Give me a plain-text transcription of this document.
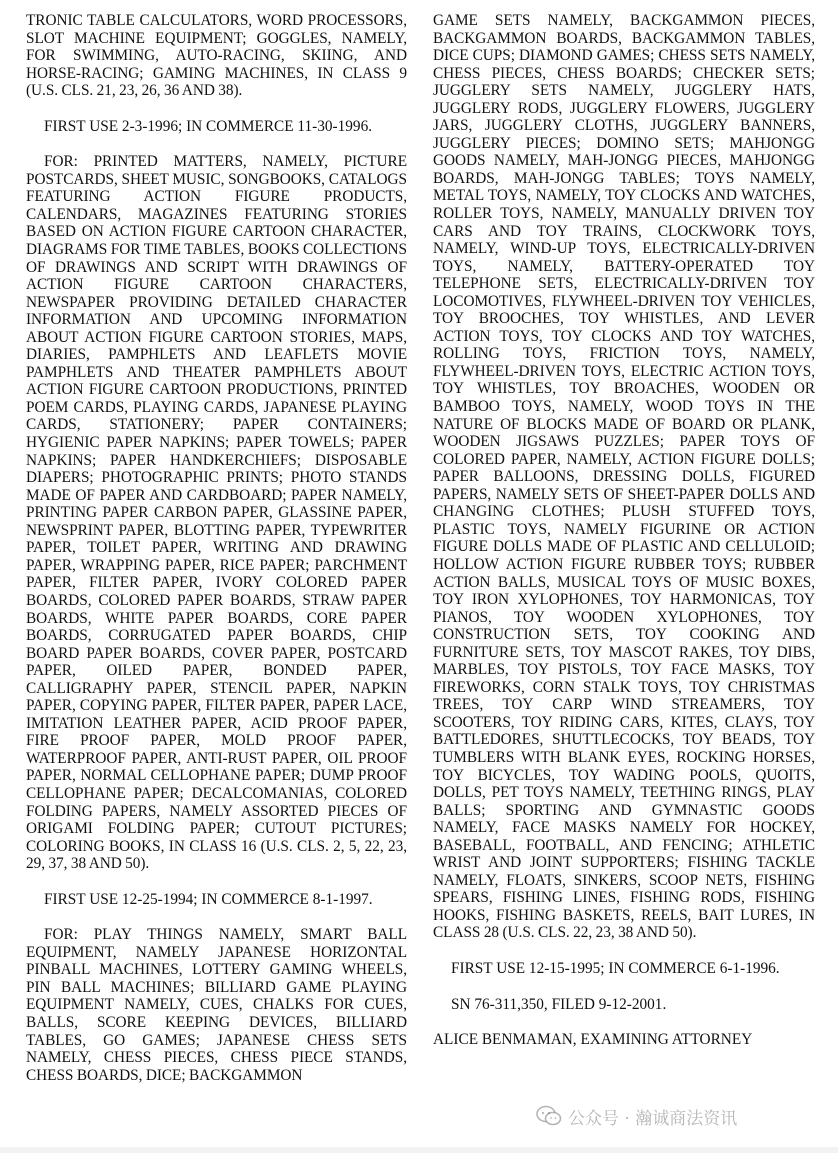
TRONIC TABLE CALCULATORS, WORD PROCESSORS, SLOT MACHINE EQUIPMENT; GOGGLES, NAMELY, FOR SWIMMING, AUTO-RACING, SKIING, AND HORSE-RACING; GAMING MACHINES, IN CLASS 9 (U.S. CLS. 21, 23, 26, 36 AND 38).

FIRST USE 2-3-1996; IN COMMERCE 11-30-1996.

FOR: PRINTED MATTERS, NAMELY, PICTURE POSTCARDS, SHEET MUSIC, SONGBOOKS, CATALOGS FEATURING ACTION FIGURE PRODUCTS, CALENDARS, MAGAZINES FEATURING STORIES BASED ON ACTION FIGURE CARTOON CHARACTER, DIAGRAMS FOR TIME TABLES, BOOKS COLLECTIONS OF DRAWINGS AND SCRIPT WITH DRAWINGS OF ACTION FIGURE CARTOON CHARACTERS, NEWSPAPER PROVIDING DETAILED CHARACTER INFORMATION AND UPCOMING INFORMATION ABOUT ACTION FIGURE CARTOON STORIES, MAPS, DIARIES, PAMPHLETS AND LEAFLETS MOVIE PAMPHLETS AND THEATER PAMPHLETS ABOUT ACTION FIGURE CARTOON PRODUCTIONS, PRINTED POEM CARDS, PLAYING CARDS, JAPANESE PLAYING CARDS, STATIONERY; PAPER CONTAINERS; HYGIENIC PAPER NAPKINS; PAPER TOWELS; PAPER NAPKINS; PAPER HANDKERCHIEFS; DISPOSABLE DIAPERS; PHOTOGRAPHIC PRINTS; PHOTO STANDS MADE OF PAPER AND CARDBOARD; PAPER NAMELY, PRINTING PAPER CARBON PAPER, GLASSINE PAPER, NEWSPRINT PAPER, BLOTTING PAPER, TYPEWRITER PAPER, TOILET PAPER, WRITING AND DRAWING PAPER, WRAPPING PAPER, RICE PAPER; PARCHMENT PAPER, FILTER PAPER, IVORY COLORED PAPER BOARDS, COLORED PAPER BOARDS, STRAW PAPER BOARDS, WHITE PAPER BOARDS, CORE PAPER BOARDS, CORRUGATED PAPER BOARDS, CHIP BOARD PAPER BOARDS, COVER PAPER, POSTCARD PAPER, OILED PAPER, BONDED PAPER, CALLIGRAPHY PAPER, STENCIL PAPER, NAPKIN PAPER, COPYING PAPER, FILTER PAPER, PAPER LACE, IMITATION LEATHER PAPER, ACID PROOF PAPER, FIRE PROOF PAPER, MOLD PROOF PAPER, WATERPROOF PAPER, ANTI-RUST PAPER, OIL PROOF PAPER, NORMAL CELLOPHANE PAPER; DUMP PROOF CELLOPHANE PAPER; DECALCOMANIAS, COLORED FOLDING PAPERS, NAMELY ASSORTED PIECES OF ORIGAMI FOLDING PAPER; CUTOUT PICTURES; COLORING BOOKS, IN CLASS 16 (U.S. CLS. 2, 5, 22, 23, 29, 37, 38 AND 50).

FIRST USE 12-25-1994; IN COMMERCE 8-1-1997.

FOR: PLAY THINGS NAMELY, SMART BALL EQUIPMENT, NAMELY JAPANESE HORIZONTAL PINBALL MACHINES, LOTTERY GAMING WHEELS, PIN BALL MACHINES; BILLIARD GAME PLAYING EQUIPMENT NAMELY, CUES, CHALKS FOR CUES, BALLS, SCORE KEEPING DEVICES, BILLIARD TABLES, GO GAMES; JAPANESE CHESS SETS NAMELY, CHESS PIECES, CHESS PIECE STANDS, CHESS BOARDS, DICE; BACKGAMMON

GAME SETS NAMELY, BACKGAMMON PIECES, BACKGAMMON BOARDS, BACKGAMMON TABLES, DICE CUPS; DIAMOND GAMES; CHESS SETS NAMELY, CHESS PIECES, CHESS BOARDS; CHECKER SETS; JUGGLERY SETS NAMELY, JUGGLERY HATS, JUGGLERY RODS, JUGGLERY FLOWERS, JUGGLERY JARS, JUGGLERY CLOTHS, JUGGLERY BANNERS, JUGGLERY PIECES; DOMINO SETS; MAHJONGG GOODS NAMELY, MAH-JONGG PIECES, MAHJONGG BOARDS, MAH-JONGG TABLES; TOYS NAMELY, METAL TOYS, NAMELY, TOY CLOCKS AND WATCHES, ROLLER TOYS, NAMELY, MANUALLY DRIVEN TOY CARS AND TOY TRAINS, CLOCKWORK TOYS, NAMELY, WIND-UP TOYS, ELECTRICALLY-DRIVEN TOYS, NAMELY, BATTERY-OPERATED TOY TELEPHONE SETS, ELECTRICALLY-DRIVEN TOY LOCOMOTIVES, FLYWHEEL-DRIVEN TOY VEHICLES, TOY BROOCHES, TOY WHISTLES, AND LEVER ACTION TOYS, TOY CLOCKS AND TOY WATCHES, ROLLING TOYS, FRICTION TOYS, NAMELY, FLYWHEEL-DRIVEN TOYS, ELECTRIC ACTION TOYS, TOY WHISTLES, TOY BROACHES, WOODEN OR BAMBOO TOYS, NAMELY, WOOD TOYS IN THE NATURE OF BLOCKS MADE OF BOARD OR PLANK, WOODEN JIGSAWS PUZZLES; PAPER TOYS OF COLORED PAPER, NAMELY, ACTION FIGURE DOLLS; PAPER BALLOONS, DRESSING DOLLS, FIGURED PAPERS, NAMELY SETS OF SHEET-PAPER DOLLS AND CHANGING CLOTHES; PLUSH STUFFED TOYS, PLASTIC TOYS, NAMELY FIGURINE OR ACTION FIGURE DOLLS MADE OF PLASTIC AND CELLULOID; HOLLOW ACTION FIGURE RUBBER TOYS; RUBBER ACTION BALLS, MUSICAL TOYS OF MUSIC BOXES, TOY IRON XYLOPHONES, TOY HARMONICAS, TOY PIANOS, TOY WOODEN XYLOPHONES, TOY CONSTRUCTION SETS, TOY COOKING AND FURNITURE SETS, TOY MASCOT RAKES, TOY DIBS, MARBLES, TOY PISTOLS, TOY FACE MASKS, TOY FIREWORKS, CORN STALK TOYS, TOY CHRISTMAS TREES, TOY CARP WIND STREAMERS, TOY SCOOTERS, TOY RIDING CARS, KITES, CLAYS, TOY BATTLEDORES, SHUTTLECOCKS, TOY BEADS, TOY TUMBLERS WITH BLANK EYES, ROCKING HORSES, TOY BICYCLES, TOY WADING POOLS, QUOITS, DOLLS, PET TOYS NAMELY, TEETHING RINGS, PLAY BALLS; SPORTING AND GYMNASTIC GOODS NAMELY, FACE MASKS NAMELY FOR HOCKEY, BASEBALL, FOOTBALL, AND FENCING; ATHLETIC WRIST AND JOINT SUPPORTERS; FISHING TACKLE NAMELY, FLOATS, SINKERS, SCOOP NETS, FISHING SPEARS, FISHING LINES, FISHING RODS, FISHING HOOKS, FISHING BASKETS, REELS, BAIT LURES, IN CLASS 28 (U.S. CLS. 22, 23, 38 AND 50).

FIRST USE 12-15-1995; IN COMMERCE 6-1-1996.

SN 76-311,350, FILED 9-12-2001.

ALICE BENMAMAN, EXAMINING ATTORNEY

公众号 · 瀚诚商法资讯
